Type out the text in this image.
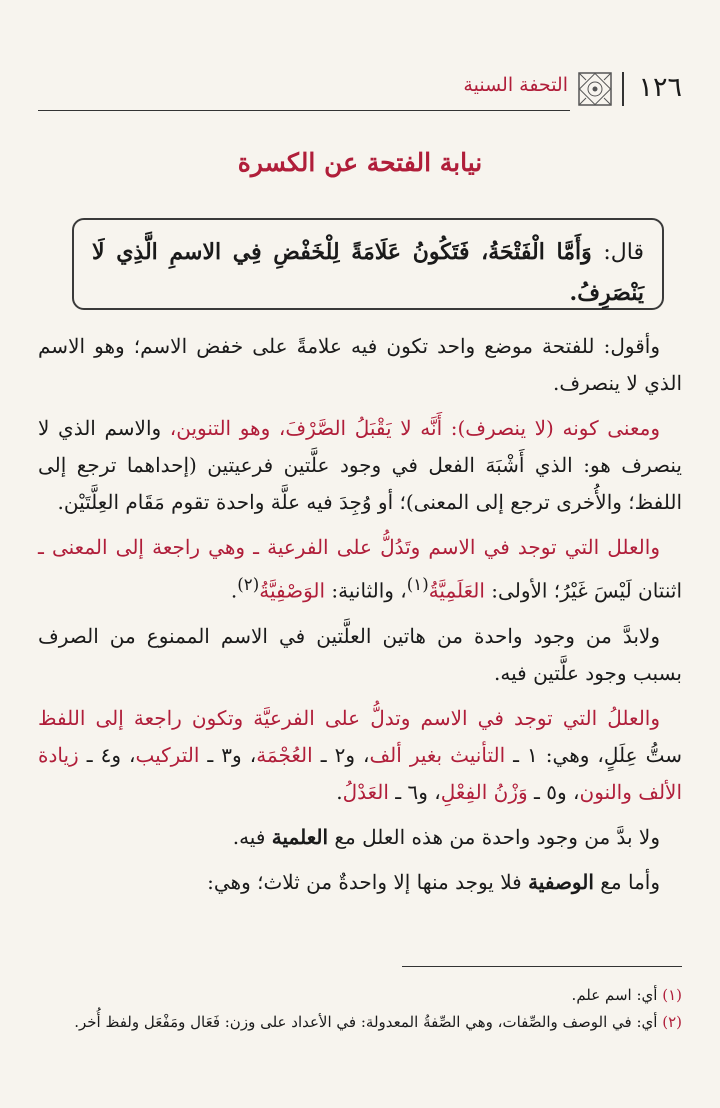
١٢٦
التحفة السنية
نيابة الفتحة عن الكسرة
قال: وَأَمَّا الْفَتْحَةُ، فَتَكُونُ عَلَامَةً لِلْخَفْضِ فِي الاسمِ الَّذِي لَا يَنْصَرِفُ.

وأقول: للفتحة موضع واحد تكون فيه علامةً على خفض الاسم؛ وهو الاسم الذي لا ينصرف.

ومعنى كونه (لا ينصرف): أَنَّه لا يَقْبَلُ الصَّرْفَ، وهو التنوين، والاسم الذي لا ينصرف هو: الذي أَشْبَهَ الفعل في وجود علَّتين فرعيتين (إحداهما ترجع إلى اللفظ؛ والأُخرى ترجع إلى المعنى)؛ أو وُجِدَ فيه علَّة واحدة تقوم مَقَام العِلَّتَيْن.

والعلل التي توجد في الاسم وتَدُلُّ على الفرعية ـ وهي راجعة إلى المعنى ـ اثنتان لَيْسَ غَيْرُ؛ الأولى: العَلَمِيَّةُ$^{(١)}$، والثانية: الوَصْفِيَّةُ$^{(٢)}$.

ولابدَّ من وجود واحدة من هاتين العلَّتين في الاسم الممنوع من الصرف بسبب وجود علَّتين فيه.

والعللُ التي توجد في الاسم وتدلُّ على الفرعيَّة وتكون راجعة إلى اللفظ ستُّ عِلَلٍ، وهي: ١ ـ التأنيث بغير ألف، و٢ ـ العُجْمَة، و٣ ـ التركيب، و٤ ـ زيادة الألف والنون، و٥ ـ وَزْنُ الفِعْلِ، و٦ ـ العَدْلُ.

ولا بدَّ من وجود واحدة من هذه العلل مع العلمية فيه.

وأما مع الوصفية فلا يوجد منها إلا واحدةٌ من ثلاث؛ وهي:

(١) أي: اسم علم.

(٢) أي: في الوصف والصِّفات، وهي الصِّفةُ المعدولة: في الأعداد على وزن: فَعَال ومَفْعَل ولفظ أُخر.
